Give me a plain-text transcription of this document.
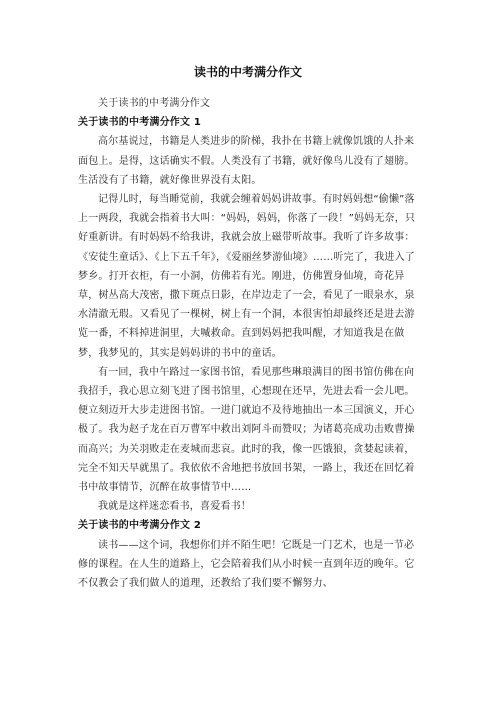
读书的中考满分作文

关于读书的中考满分作文

关于读书的中考满分作文 1

高尔基说过，书籍是人类进步的阶梯，我扑在书籍上就像饥饿的人扑来面包上。是得，这话确实不假。人类没有了书籍，就好像鸟儿没有了翅膀。生活没有了书籍，就好像世界没有太阳。

记得儿时，每当睡觉前，我就会缠着妈妈讲故事。有时妈妈想“偷懒”落上一两段，我就会指着书大叫：“妈妈，妈妈，你落了一段！”妈妈无奈，只好重新讲。有时妈妈不给我讲，我就会放上磁带听故事。我听了许多故事：《安徒生童话》、《上下五千年》，《爱丽丝梦游仙境》……听完了，我进入了梦乡。打开衣柜，有一小洞，仿佛若有光。刚进，仿佛置身仙境，奇花异草，树丛高大茂密，撒下斑点日影，在岸边走了一会，看见了一眼泉水，泉水清澈无瑕。又看见了一棵树，树上有一个洞，本很害怕却最终还是进去游览一番，不料掉进洞里，大喊救命。直到妈妈把我叫醒，才知道我是在做梦，我梦见的，其实是妈妈讲的书中的童话。

有一回，我中午路过一家图书馆，看见那些琳琅满目的图书馆仿佛在向我招手，我心思立刻飞进了图书馆里，心想现在还早，先进去看一会儿吧。便立刻迈开大步走进图书馆。一进门就迫不及待地抽出一本三国演义，开心极了。我为赵子龙在百万曹军中救出刘阿斗而赞叹；为诸葛亮成功击败曹操而高兴；为关羽败走在麦城而悲哀。此时的我，像一匹饿狼，贪婪起读着，完全不知天早就黑了。我依依不舍地把书放回书架，一路上，我还在回忆着书中故事情节，沉醉在故事情节中……

我就是这样迷恋看书，喜爱看书！

关于读书的中考满分作文 2

读书——这个词，我想你们并不陌生吧！它既是一门艺术，也是一节必修的课程。在人生的道路上，它会陪着我们从小时候一直到年迈的晚年。它不仅教会了我们做人的道理，还教给了我们要不懈努力、
